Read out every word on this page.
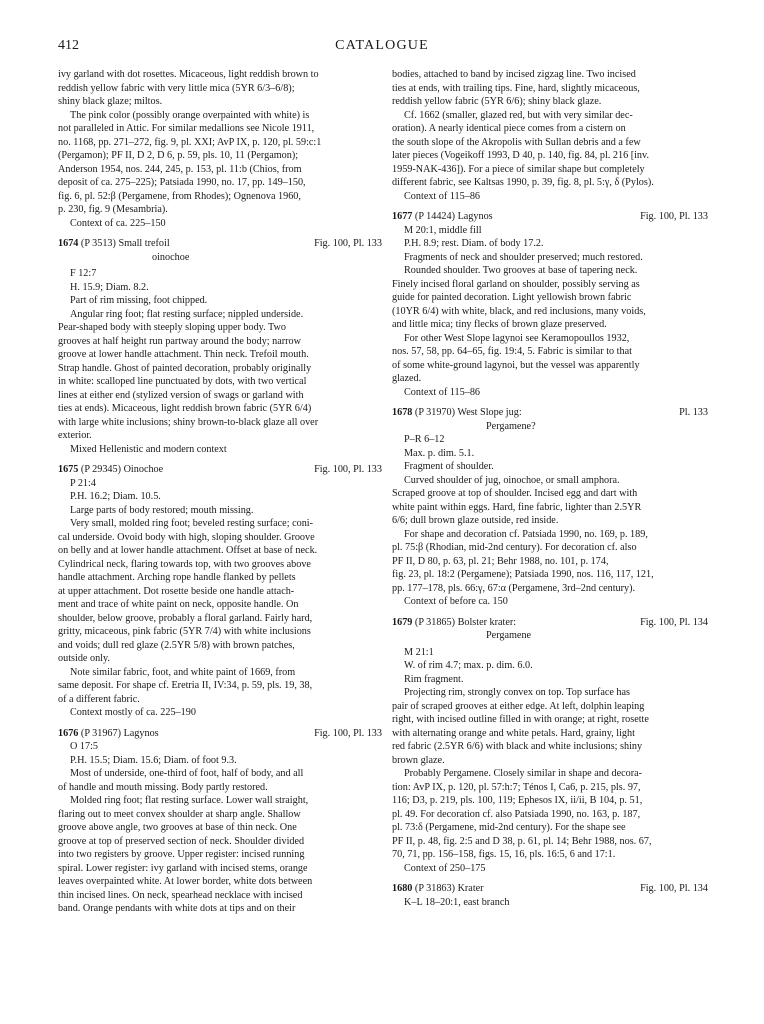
412	CATALOGUE

ivy garland with dot rosettes. Micaceous, light reddish brown to

reddish yellow fabric with very little mica (5YR 6/3–6/8);

shiny black glaze; miltos.

The pink color (possibly orange overpainted with white) is

not paralleled in Attic. For similar medallions see Nicole 1911,

no. 1168, pp. 271–272, fig. 9, pl. XXI; AvP IX, p. 120, pl. 59:c:1

(Pergamon); PF II, D 2, D 6, p. 59, pls. 10, 11 (Pergamon);

Anderson 1954, nos. 244, 245, p. 153, pl. 11:b (Chios, from

deposit of ca. 275–225); Patsiada 1990, no. 17, pp. 149–150,

fig. 6, pl. 52:β (Pergamene, from Rhodes); Ognenova 1960,

p. 230, fig. 9 (Mesambria).

Context of ca. 225–150

1674 (P 3513) Small trefoil	Fig. 100, Pl. 133
oinochoe

F 12:7

H. 15.9; Diam. 8.2.

Part of rim missing, foot chipped.

Angular ring foot; flat resting surface; nippled underside.

Pear-shaped body with steeply sloping upper body. Two

grooves at half height run partway around the body; narrow

groove at lower handle attachment. Thin neck. Trefoil mouth.

Strap handle. Ghost of painted decoration, probably originally

in white: scalloped line punctuated by dots, with two vertical

lines at either end (stylized version of swags or garland with

ties at ends). Micaceous, light reddish brown fabric (5YR 6/4)

with large white inclusions; shiny brown-to-black glaze all over

exterior.

Mixed Hellenistic and modern context

1675 (P 29345) Oinochoe	Fig. 100, Pl. 133

P 21:4

P.H. 16.2; Diam. 10.5.

Large parts of body restored; mouth missing.

Very small, molded ring foot; beveled resting surface; coni-

cal underside. Ovoid body with high, sloping shoulder. Groove

on belly and at lower handle attachment. Offset at base of neck.

Cylindrical neck, flaring towards top, with two grooves above

handle attachment. Arching rope handle flanked by pellets

at upper attachment. Dot rosette beside one handle attach-

ment and trace of white paint on neck, opposite handle. On

shoulder, below groove, probably a floral garland. Fairly hard,

gritty, micaceous, pink fabric (5YR 7/4) with white inclusions

and voids; dull red glaze (2.5YR 5/8) with brown patches,

outside only.

Note similar fabric, foot, and white paint of 1669, from

same deposit. For shape cf. Eretria II, IV:34, p. 59, pls. 19, 38,

of a different fabric.

Context mostly of ca. 225–190

1676 (P 31967) Lagynos	Fig. 100, Pl. 133

O 17:5

P.H. 15.5; Diam. 15.6; Diam. of foot 9.3.

Most of underside, one-third of foot, half of body, and all

of handle and mouth missing. Body partly restored.

Molded ring foot; flat resting surface. Lower wall straight,

flaring out to meet convex shoulder at sharp angle. Shallow

groove above angle, two grooves at base of thin neck. One

groove at top of preserved section of neck. Shoulder divided

into two registers by groove. Upper register: incised running

spiral. Lower register: ivy garland with incised stems, orange

leaves overpainted white. At lower border, white dots between

thin incised lines. On neck, spearhead necklace with incised

band. Orange pendants with white dots at tips and on their

bodies, attached to band by incised zigzag line. Two incised

ties at ends, with trailing tips. Fine, hard, slightly micaceous,

reddish yellow fabric (5YR 6/6); shiny black glaze.

Cf. 1662 (smaller, glazed red, but with very similar dec-

oration). A nearly identical piece comes from a cistern on

the south slope of the Akropolis with Sullan debris and a few

later pieces (Vogeikoff 1993, D 40, p. 140, fig. 84, pl. 216 [inv.

1959-NAK-436]). For a piece of similar shape but completely

different fabric, see Kaltsas 1990, p. 39, fig. 8, pl. 5:γ, δ (Pylos).

Context of 115–86

1677 (P 14424) Lagynos	Fig. 100, Pl. 133

M 20:1, middle fill

P.H. 8.9; rest. Diam. of body 17.2.

Fragments of neck and shoulder preserved; much restored.

Rounded shoulder. Two grooves at base of tapering neck.

Finely incised floral garland on shoulder, possibly serving as

guide for painted decoration. Light yellowish brown fabric

(10YR 6/4) with white, black, and red inclusions, many voids,

and little mica; tiny flecks of brown glaze preserved.

For other West Slope lagynoi see Keramopoullos 1932,

nos. 57, 58, pp. 64–65, fig. 19:4, 5. Fabric is similar to that

of some white-ground lagynoi, but the vessel was apparently

glazed.

Context of 115–86

1678 (P 31970) West Slope jug:	Pl. 133
Pergamene?

P–R 6–12

Max. p. dim. 5.1.

Fragment of shoulder.

Curved shoulder of jug, oinochoe, or small amphora.

Scraped groove at top of shoulder. Incised egg and dart with

white paint within eggs. Hard, fine fabric, lighter than 2.5YR

6/6; dull brown glaze outside, red inside.

For shape and decoration cf. Patsiada 1990, no. 169, p. 189,

pl. 75:β (Rhodian, mid-2nd century). For decoration cf. also

PF II, D 80, p. 63, pl. 21; Behr 1988, no. 101, p. 174,

fig. 23, pl. 18:2 (Pergamene); Patsiada 1990, nos. 116, 117, 121,

pp. 177–178, pls. 66:γ, 67:α (Pergamene, 3rd–2nd century).

Context of before ca. 150

1679 (P 31865) Bolster krater:	Fig. 100, Pl. 134
Pergamene

M 21:1

W. of rim 4.7; max. p. dim. 6.0.

Rim fragment.

Projecting rim, strongly convex on top. Top surface has

pair of scraped grooves at either edge. At left, dolphin leaping

right, with incised outline filled in with orange; at right, rosette

with alternating orange and white petals. Hard, grainy, light

red fabric (2.5YR 6/6) with black and white inclusions; shiny

brown glaze.

Probably Pergamene. Closely similar in shape and decora-

tion: AvP IX, p. 120, pl. 57:h:7; Ténos I, Ca6, p. 215, pls. 97,

116; D3, p. 219, pls. 100, 119; Ephesos IX, ii/ii, B 104, p. 51,

pl. 49. For decoration cf. also Patsiada 1990, no. 163, p. 187,

pl. 73:δ (Pergamene, mid-2nd century). For the shape see

PF II, p. 48, fig. 2:5 and D 38, p. 61, pl. 14; Behr 1988, nos. 67,

70, 71, pp. 156–158, figs. 15, 16, pls. 16:5, 6 and 17:1.

Context of 250–175

1680 (P 31863) Krater	Fig. 100, Pl. 134

K–L 18–20:1, east branch
